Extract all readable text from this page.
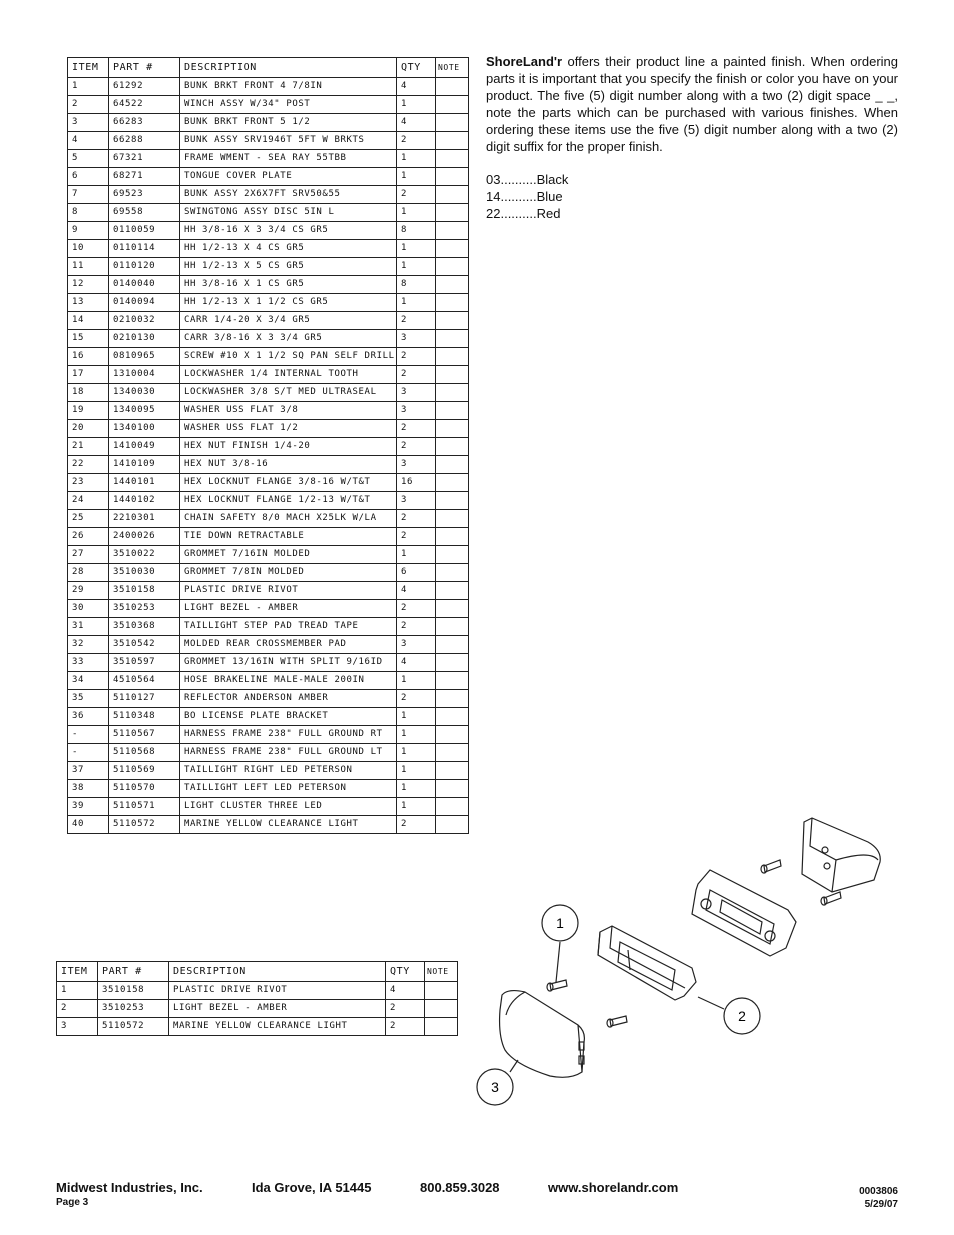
ShoreLand'r offers their product line a painted finish. When ordering parts it is important that you specify the finish or color you have on your product. The five (5) digit number along with a two (2) digit space _ _, note the parts which can be purchased with various finishes. When ordering these items use the five (5) digit number along with a two (2) digit suffix for the proper finish.
03..........Black
14..........Blue
22..........Red
ITEM	PART #	DESCRIPTION	QTY	NOTE
1	61292	BUNK BRKT FRONT 4 7/8IN	4	
2	64522	WINCH ASSY W/34" POST	1	
3	66283	BUNK BRKT FRONT 5 1/2	4	
4	66288	BUNK ASSY SRV1946T 5FT W BRKTS	2	
5	67321	FRAME WMENT - SEA RAY 55TBB	1	
6	68271	TONGUE COVER PLATE	1	
7	69523	BUNK ASSY 2X6X7FT SRV50&55	2	
8	69558	SWINGTONG ASSY DISC 5IN L	1	
9	0110059	HH 3/8-16 X 3 3/4 CS GR5	8	
10	0110114	HH 1/2-13 X 4 CS GR5	1	
11	0110120	HH 1/2-13 X 5 CS GR5	1	
12	0140040	HH 3/8-16 X 1 CS GR5	8	
13	0140094	HH 1/2-13 X 1 1/2 CS GR5	1	
14	0210032	CARR 1/4-20 X 3/4 GR5	2	
15	0210130	CARR 3/8-16 X 3 3/4 GR5	3	
16	0810965	SCREW #10 X 1 1/2 SQ PAN SELF DRILL	2	
17	1310004	LOCKWASHER 1/4 INTERNAL TOOTH	2	
18	1340030	LOCKWASHER 3/8 S/T MED ULTRASEAL	3	
19	1340095	WASHER USS FLAT 3/8	3	
20	1340100	WASHER USS FLAT 1/2	2	
21	1410049	HEX NUT FINISH 1/4-20	2	
22	1410109	HEX NUT 3/8-16	3	
23	1440101	HEX LOCKNUT FLANGE 3/8-16 W/T&T	16	
24	1440102	HEX LOCKNUT FLANGE 1/2-13 W/T&T	3	
25	2210301	CHAIN SAFETY 8/0 MACH X25LK W/LA	2	
26	2400026	TIE DOWN RETRACTABLE	2	
27	3510022	GROMMET 7/16IN MOLDED	1	
28	3510030	GROMMET 7/8IN MOLDED	6	
29	3510158	PLASTIC DRIVE RIVOT	4	
30	3510253	LIGHT BEZEL - AMBER	2	
31	3510368	TAILLIGHT STEP PAD TREAD TAPE	2	
32	3510542	MOLDED REAR CROSSMEMBER PAD	3	
33	3510597	GROMMET 13/16IN WITH SPLIT 9/16ID	4	
34	4510564	HOSE BRAKELINE MALE-MALE 200IN	1	
35	5110127	REFLECTOR ANDERSON AMBER	2	
36	5110348	BO LICENSE PLATE BRACKET	1	
-	5110567	HARNESS FRAME 238" FULL GROUND RT	1	
-	5110568	HARNESS FRAME 238" FULL GROUND LT	1	
37	5110569	TAILLIGHT RIGHT LED PETERSON	1	
38	5110570	TAILLIGHT LEFT LED PETERSON	1	
39	5110571	LIGHT CLUSTER THREE LED	1	
40	5110572	MARINE YELLOW CLEARANCE LIGHT	2	
ITEM	PART #	DESCRIPTION	QTY	NOTE
1	3510158	PLASTIC DRIVE RIVOT	4	
2	3510253	LIGHT BEZEL - AMBER	2	
3	5110572	MARINE YELLOW CLEARANCE LIGHT	2	
1
2
3
Midwest Industries, Inc.	Ida Grove, IA 51445	800.859.3028	www.shorelandr.com
Page 3
0003806
5/29/07
